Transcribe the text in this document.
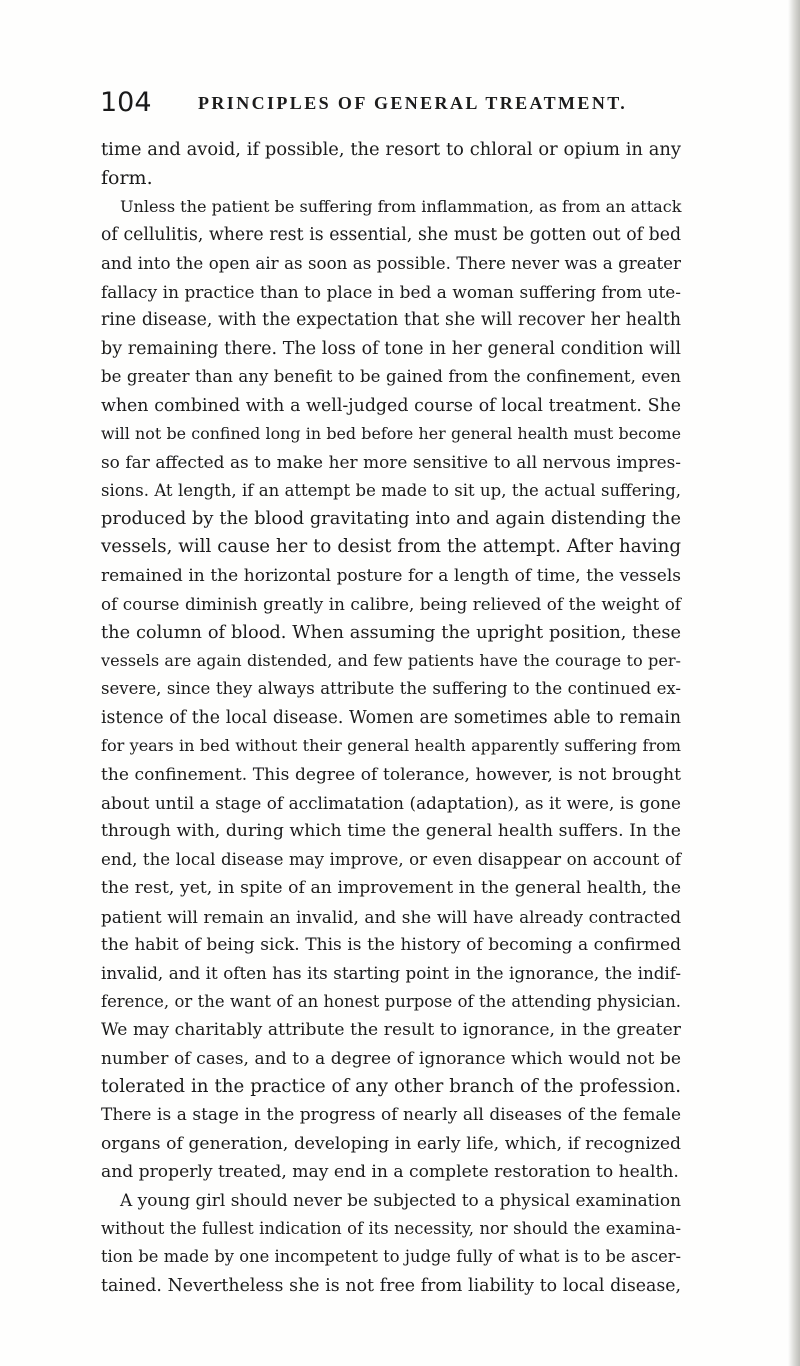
104	PRINCIPLES OF GENERAL TREATMENT.
time and avoid, if possible, the resort to chloral or opium in any
form.
Unless the patient be suffering from inflammation, as from an attack
of cellulitis, where rest is essential, she must be gotten out of bed
and into the open air as soon as possible. There never was a greater
fallacy in practice than to place in bed a woman suffering from ute-
rine disease, with the expectation that she will recover her health
by remaining there. The loss of tone in her general condition will
be greater than any benefit to be gained from the confinement, even
when combined with a well-judged course of local treatment. She
will not be confined long in bed before her general health must become
so far affected as to make her more sensitive to all nervous impres-
sions. At length, if an attempt be made to sit up, the actual suffering,
produced by the blood gravitating into and again distending the
vessels, will cause her to desist from the attempt. After having
remained in the horizontal posture for a length of time, the vessels
of course diminish greatly in calibre, being relieved of the weight of
the column of blood. When assuming the upright position, these
vessels are again distended, and few patients have the courage to per-
severe, since they always attribute the suffering to the continued ex-
istence of the local disease. Women are sometimes able to remain
for years in bed without their general health apparently suffering from
the confinement. This degree of tolerance, however, is not brought
about until a stage of acclimatation (adaptation), as it were, is gone
through with, during which time the general health suffers. In the
end, the local disease may improve, or even disappear on account of
the rest, yet, in spite of an improvement in the general health, the
patient will remain an invalid, and she will have already contracted
the habit of being sick. This is the history of becoming a confirmed
invalid, and it often has its starting point in the ignorance, the indif-
ference, or the want of an honest purpose of the attending physician.
We may charitably attribute the result to ignorance, in the greater
number of cases, and to a degree of ignorance which would not be
tolerated in the practice of any other branch of the profession.
There is a stage in the progress of nearly all diseases of the female
organs of generation, developing in early life, which, if recognized
and properly treated, may end in a complete restoration to health.
A young girl should never be subjected to a physical examination
without the fullest indication of its necessity, nor should the examina-
tion be made by one incompetent to judge fully of what is to be ascer-
tained. Nevertheless she is not free from liability to local disease,
